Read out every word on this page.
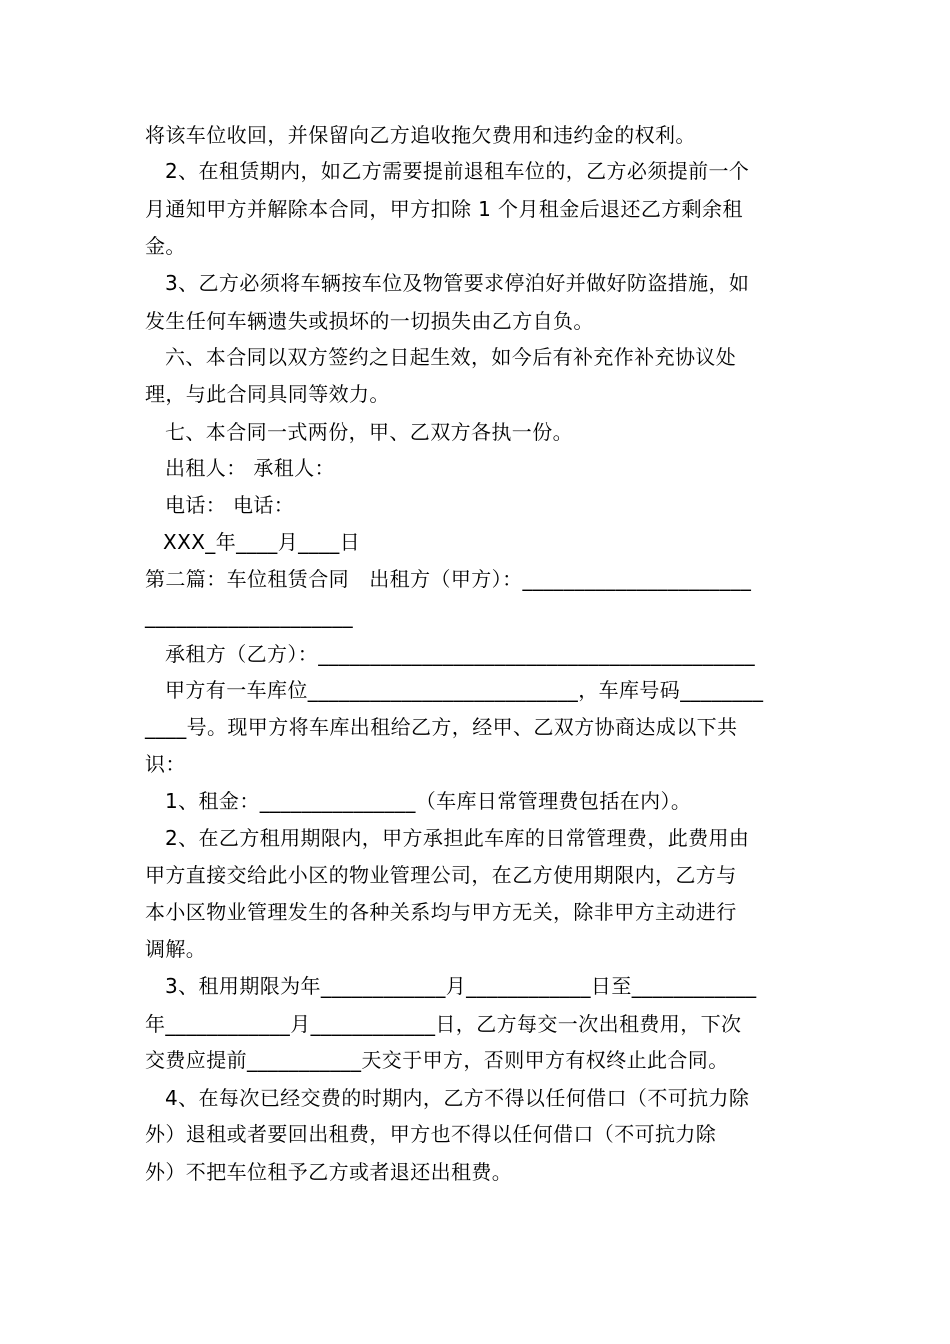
将该车位收回，并保留向乙方追收拖欠费用和违约金的权利。
2、在租赁期内，如乙方需要提前退租车位的，乙方必须提前一个
月通知甲方并解除本合同，甲方扣除 1 个月租金后退还乙方剩余租
金。
3、乙方必须将车辆按车位及物管要求停泊好并做好防盗措施，如
发生任何车辆遗失或损坏的一切损失由乙方自负。
六、本合同以双方签约之日起生效，如今后有补充作补充协议处
理，与此合同具同等效力。
七、本合同一式两份，甲、乙双方各执一份。
出租人： 承租人：
电话： 电话：
XXX_年____月____日
第二篇：车位租赁合同   出租方（甲方）：______________________
____________________
承租方（乙方）：__________________________________________
甲方有一车库位__________________________，车库号码________
____号。现甲方将车库出租给乙方，经甲、乙双方协商达成以下共
识：
1、租金：_______________（车库日常管理费包括在内）。
2、在乙方租用期限内，甲方承担此车库的日常管理费，此费用由
甲方直接交给此小区的物业管理公司，在乙方使用期限内，乙方与
本小区物业管理发生的各种关系均与甲方无关，除非甲方主动进行
调解。
3、租用期限为年____________月____________日至____________
年____________月____________日，乙方每交一次出租费用，下次
交费应提前___________天交于甲方，否则甲方有权终止此合同。
4、在每次已经交费的时期内，乙方不得以任何借口（不可抗力除
外）退租或者要回出租费，甲方也不得以任何借口（不可抗力除
外）不把车位租予乙方或者退还出租费。
